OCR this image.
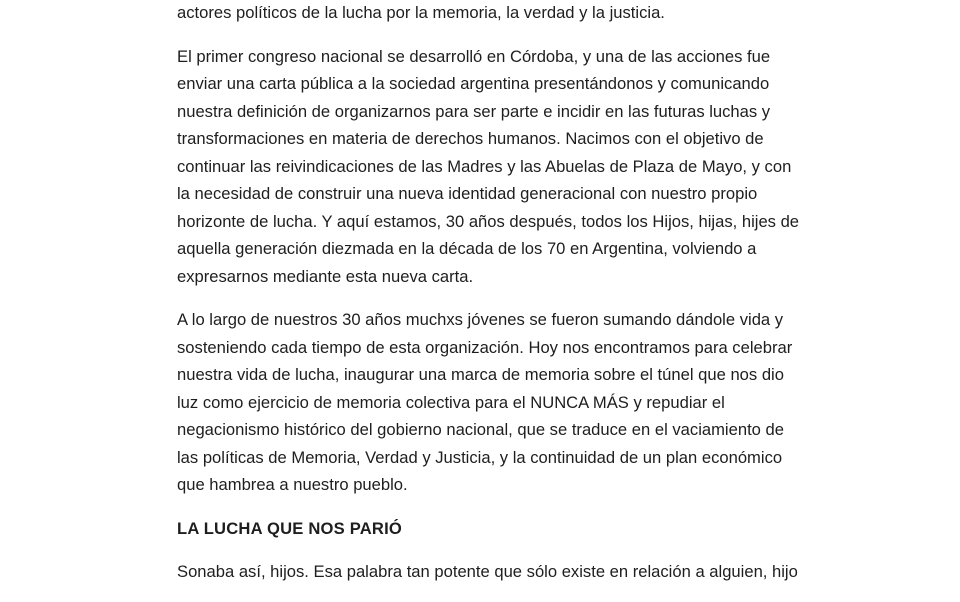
actores políticos de la lucha por la memoria, la verdad y la justicia.

El primer congreso nacional se desarrolló en Córdoba, y una de las acciones fue enviar una carta pública a la sociedad argentina presentándonos y comunicando nuestra definición de organizarnos para ser parte e incidir en las futuras luchas y transformaciones en materia de derechos humanos. Nacimos con el objetivo de continuar las reivindicaciones de las Madres y las Abuelas de Plaza de Mayo, y con la necesidad de construir una nueva identidad generacional con nuestro propio horizonte de lucha. Y aquí estamos, 30 años después, todos los Hijos, hijas, hijes de aquella generación diezmada en la década de los 70 en Argentina, volviendo a expresarnos mediante esta nueva carta.

A lo largo de nuestros 30 años muchxs jóvenes se fueron sumando dándole vida y sosteniendo cada tiempo de esta organización. Hoy nos encontramos para celebrar nuestra vida de lucha, inaugurar una marca de memoria sobre el túnel que nos dio luz como ejercicio de memoria colectiva para el NUNCA MÁS y repudiar el negacionismo histórico del gobierno nacional, que se traduce en el vaciamiento de las políticas de Memoria, Verdad y Justicia, y la continuidad de un plan económico que hambrea a nuestro pueblo.

LA LUCHA QUE NOS PARIÓ

Sonaba así, hijos. Esa palabra tan potente que sólo existe en relación a alguien, hijo
